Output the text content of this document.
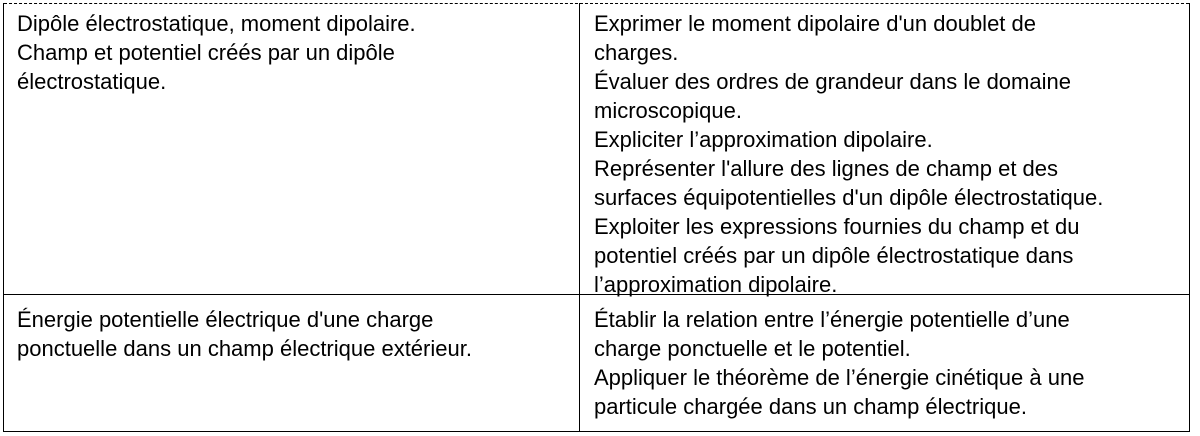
Dipôle électrostatique, moment dipolaire.
Champ et potentiel créés par un dipôle
électrostatique.
Exprimer le moment dipolaire d'un doublet de
charges.
Évaluer des ordres de grandeur dans le domaine
microscopique.
Expliciter l’approximation dipolaire.
Représenter l'allure des lignes de champ et des
surfaces équipotentielles d'un dipôle électrostatique.
Exploiter les expressions fournies du champ et du
potentiel créés par un dipôle électrostatique dans
l’approximation dipolaire.
Énergie potentielle électrique d'une charge
ponctuelle dans un champ électrique extérieur.
Établir la relation entre l’énergie potentielle d’une
charge ponctuelle et le potentiel.
Appliquer le théorème de l’énergie cinétique à une
particule chargée dans un champ électrique.
